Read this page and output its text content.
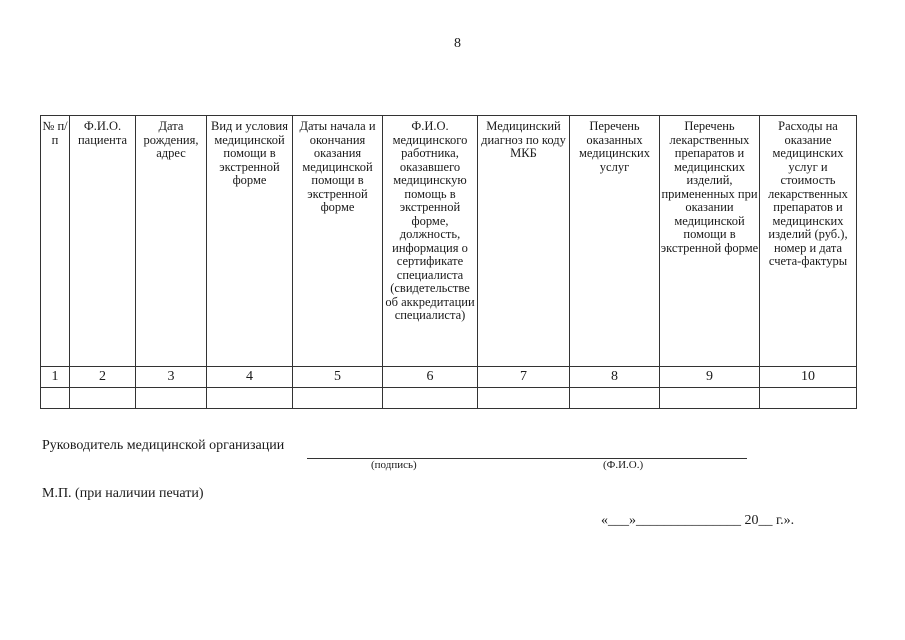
8
№ п/п	Ф.И.О. пациента	Дата рождения, адрес	Вид и условия медицинской помощи в экстренной форме	Даты начала и окончания оказания медицинской помощи в экстренной форме	Ф.И.О. медицинского работника, оказавшего медицинскую помощь в экстренной форме, должность, информация о сертификате специалиста (свидетельстве об аккредитации специалиста)	Медицинский диагноз по коду МКБ	Перечень оказанных медицинских услуг	Перечень лекарственных препаратов и медицинских изделий, примененных при оказании медицинской помощи в экстренной форме	Расходы на оказание медицинских услуг и стоимость лекарственных препаратов и медицинских изделий (руб.), номер и дата счета-фактуры

1	2	3	4	5	6	7	8	9	10

Руководитель медицинской организации
(подпись)	(Ф.И.О.)
М.П. (при наличии печати)
«___»_______________ 20__ г.».
